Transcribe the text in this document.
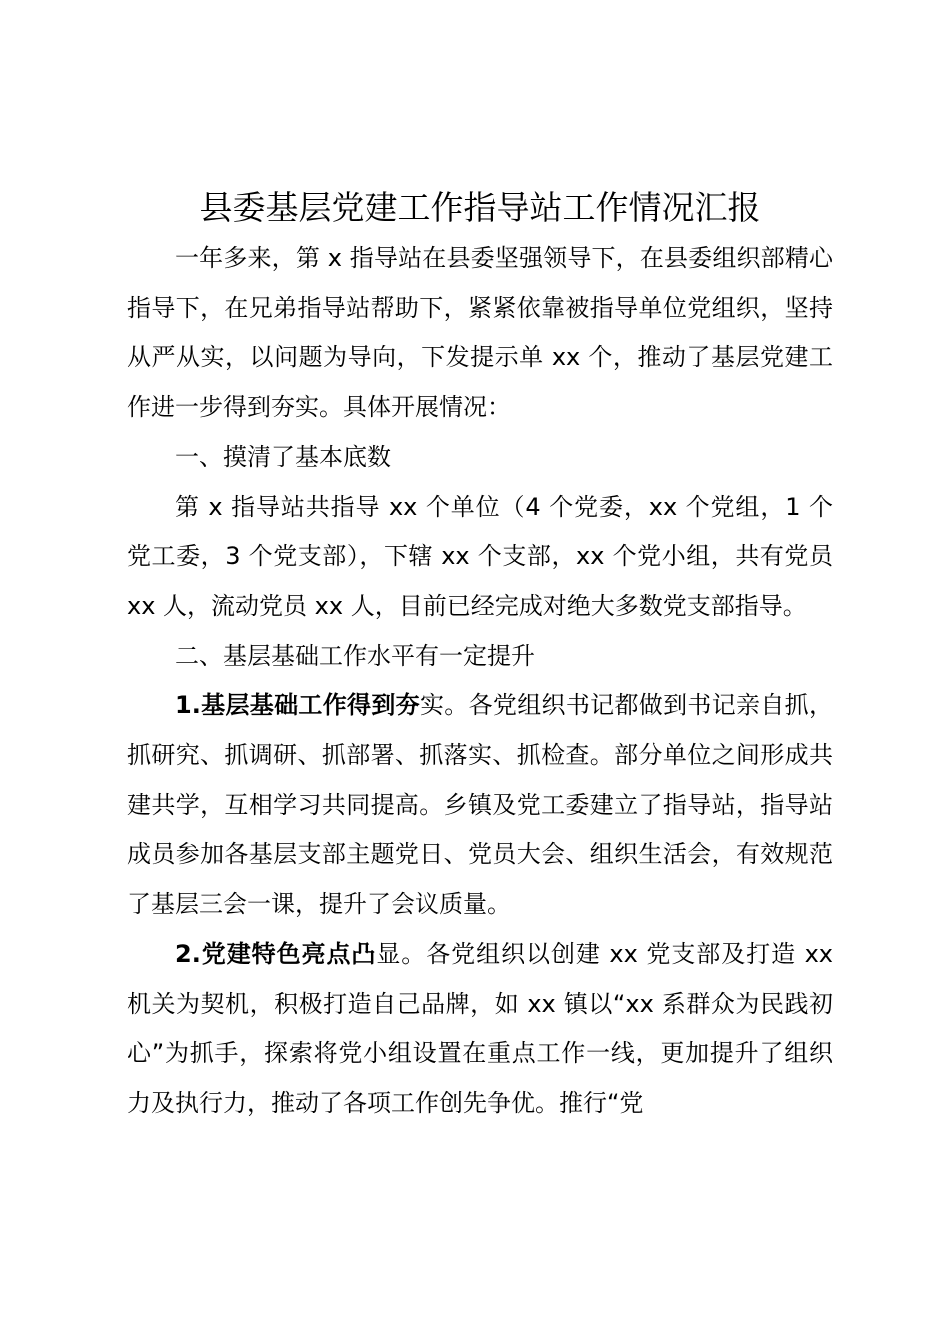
县委基层党建工作指导站工作情况汇报

一年多来，第 x 指导站在县委坚强领导下，在县委组织部精心指导下，在兄弟指导站帮助下，紧紧依靠被指导单位党组织，坚持从严从实，以问题为导向，下发提示单 xx 个，推动了基层党建工作进一步得到夯实。具体开展情况：

一、摸清了基本底数

第 x 指导站共指导 xx 个单位（4 个党委，xx 个党组，1 个党工委，3 个党支部），下辖 xx 个支部，xx 个党小组，共有党员 xx 人，流动党员 xx 人，目前已经完成对绝大多数党支部指导。

二、基层基础工作水平有一定提升

1.基层基础工作得到夯实。各党组织书记都做到书记亲自抓，抓研究、抓调研、抓部署、抓落实、抓检查。部分单位之间形成共建共学，互相学习共同提高。乡镇及党工委建立了指导站，指导站成员参加各基层支部主题党日、党员大会、组织生活会，有效规范了基层三会一课，提升了会议质量。

2.党建特色亮点凸显。各党组织以创建 xx 党支部及打造 xx 机关为契机，积极打造自己品牌，如 xx 镇以“xx 系群众为民践初心”为抓手，探索将党小组设置在重点工作一线，更加提升了组织力及执行力，推动了各项工作创先争优。推行“党
